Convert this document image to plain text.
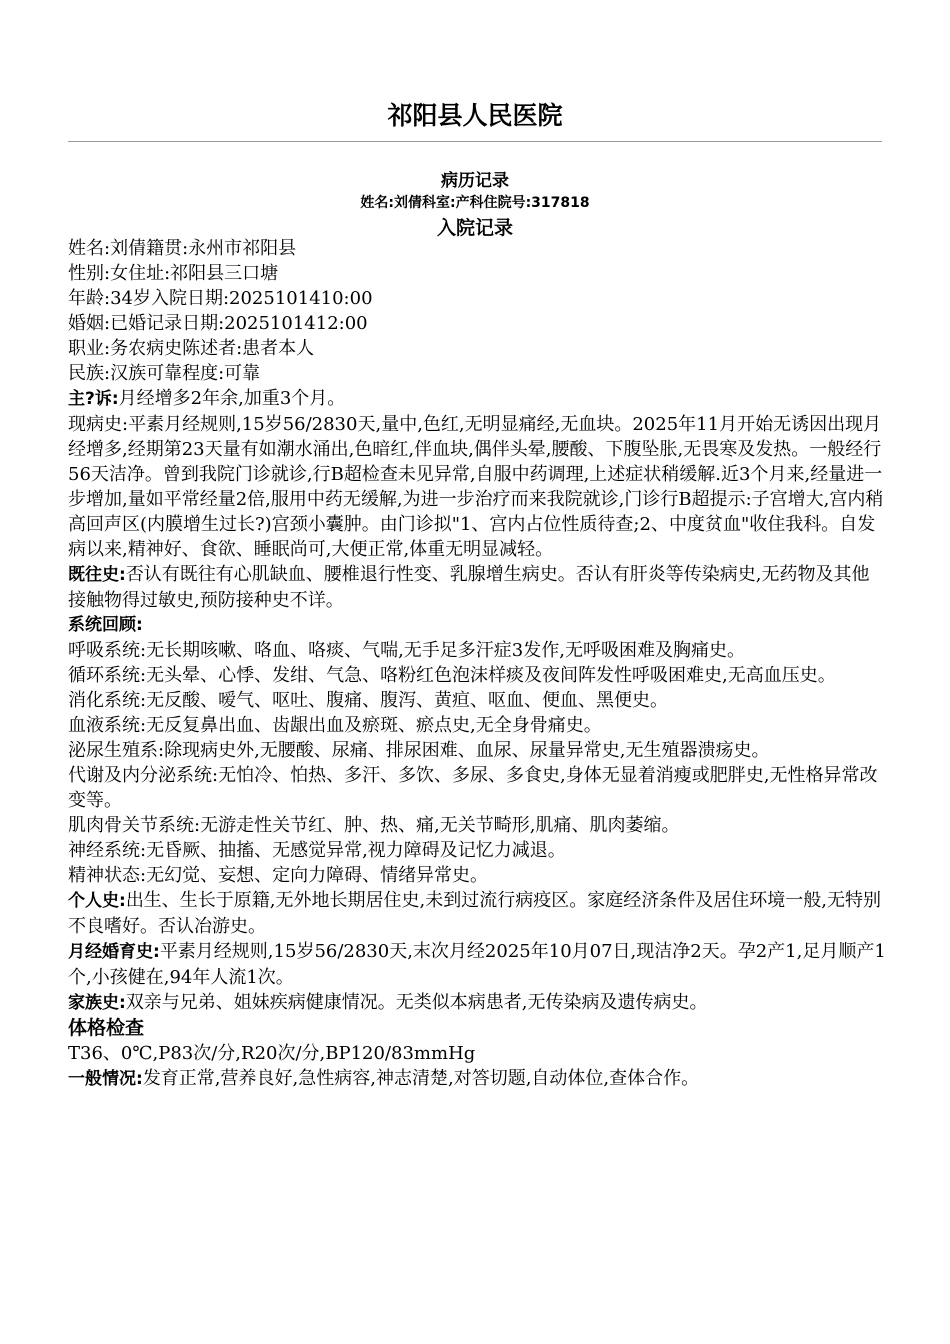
祁阳县人民医院
病历记录
姓名:刘倩科室:产科住院号:317818
入院记录

姓名:刘倩籍贯:永州市祁阳县

性别:女住址:祁阳县三口塘

年龄:34岁入院日期:2025101410:00

婚姻:已婚记录日期:2025101412:00

职业:务农病史陈述者:患者本人

民族:汉族可靠程度:可靠

主?诉:月经增多2年余,加重3个月。

现病史:平素月经规则,15岁56/2830天,量中,色红,无明显痛经,无血块。2025年11月开始无诱因出现月经增多,经期第23天量有如潮水涌出,色暗红,伴血块,偶伴头晕,腰酸、下腹坠胀,无畏寒及发热。一般经行56天洁净。曾到我院门诊就诊,行B超检查未见异常,自服中药调理,上述症状稍缓解.近3个月来,经量进一步增加,量如平常经量2倍,服用中药无缓解,为进一步治疗而来我院就诊,门诊行B超提示:子宫增大,宫内稍高回声区(内膜增生过长?)宫颈小囊肿。由门诊拟"1、宫内占位性质待查;2、中度贫血"收住我科。自发病以来,精神好、食欲、睡眠尚可,大便正常,体重无明显减轻。

既往史:否认有既往有心肌缺血、腰椎退行性变、乳腺增生病史。否认有肝炎等传染病史,无药物及其他接触物得过敏史,预防接种史不详。

系统回顾:

呼吸系统:无长期咳嗽、咯血、咯痰、气喘,无手足多汗症3发作,无呼吸困难及胸痛史。

循环系统:无头晕、心悸、发绀、气急、咯粉红色泡沫样痰及夜间阵发性呼吸困难史,无高血压史。

消化系统:无反酸、嗳气、呕吐、腹痛、腹泻、黄疸、呕血、便血、黑便史。

血液系统:无反复鼻出血、齿龈出血及瘀斑、瘀点史,无全身骨痛史。

泌尿生殖系:除现病史外,无腰酸、尿痛、排尿困难、血尿、尿量异常史,无生殖器溃疡史。

代谢及内分泌系统:无怕冷、怕热、多汗、多饮、多尿、多食史,身体无显着消瘦或肥胖史,无性格异常改变等。

肌肉骨关节系统:无游走性关节红、肿、热、痛,无关节畸形,肌痛、肌肉萎缩。

神经系统:无昏厥、抽搐、无感觉异常,视力障碍及记忆力减退。

精神状态:无幻觉、妄想、定向力障碍、情绪异常史。

个人史:出生、生长于原籍,无外地长期居住史,未到过流行病疫区。家庭经济条件及居住环境一般,无特别不良嗜好。否认冶游史。

月经婚育史:平素月经规则,15岁56/2830天,末次月经2025年10月07日,现洁净2天。孕2产1,足月顺产1个,小孩健在,94年人流1次。

家族史:双亲与兄弟、姐妹疾病健康情况。无类似本病患者,无传染病及遗传病史。

体格检查

T36、0℃,P83次/分,R20次/分,BP120/83mmHg

一般情况:发育正常,营养良好,急性病容,神志清楚,对答切题,自动体位,查体合作。
